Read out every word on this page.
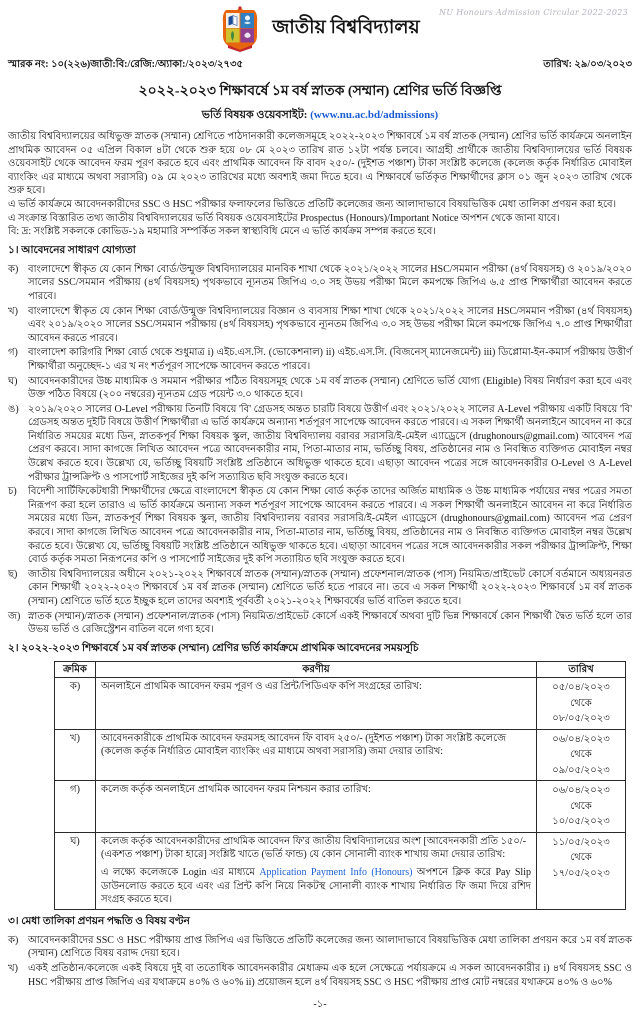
NU Honours Admission Circular 2022-2023
জাতীয় বিশ্ববিদ্যালয়
স্মারক নং: ১০(২২৬)জাতী:বি:/রেজি:/অ্যাকা:/২০২৩/২৭৩৫	তারিখ: ২৯/০৩/২০২৩
২০২২-২০২৩ শিক্ষাবর্ষে ১ম বর্ষ স্নাতক (সম্মান) শ্রেণির ভর্তি বিজ্ঞপ্তি
ভর্তি বিষয়ক ওয়েবসাইট: (www.nu.ac.bd/admissions)

জাতীয় বিশ্ববিদ্যালয়ের অধিভুক্ত স্নাতক (সম্মান) শ্রেণিতে পাঠদানকারী কলেজসমূহে ২০২২-২০২৩ শিক্ষাবর্ষে ১ম বর্ষ স্নাতক (সম্মান) শ্রেণির ভর্তি কার্যক্রমে অনলাইন প্রাথমিক আবেদন ০৫ এপ্রিল বিকাল ৪টা থেকে শুরু হয়ে ০৮ মে ২০২৩ তারিখ রাত ১২টা পর্যন্ত চলবে। আগ্রহী প্রার্থীকে জাতীয় বিশ্ববিদ্যালয়ের ভর্তি বিষয়ক ওয়েবসাইট থেকে আবেদন ফরম পূরণ করতে হবে এবং প্রাথমিক আবেদন ফি বাবদ ২৫০/- (দুইশত পঞ্চাশ) টাকা সংশ্লিষ্ট কলেজে (কলেজ কর্তৃক নির্ধারিত মোবাইল ব্যাংকিং এর মাধ্যমে অথবা সরাসরি) ০৯ মে ২০২৩ তারিখের মধ্যে অবশ্যই জমা দিতে হবে। এ শিক্ষাবর্ষে ভর্তিকৃত শিক্ষার্থীদের ক্লাস ০১ জুন ২০২৩ তারিখ থেকে শুরু হবে।

এ ভর্তি কার্যক্রমে আবেদনকারীদের SSC ও HSC পরীক্ষার ফলাফলের ভিত্তিতে প্রতিটি কলেজের জন্য আলাদাভাবে বিষয়ভিত্তিক মেধা তালিকা প্রণয়ন করা হবে।

এ সংক্রান্ত বিস্তারিত তথ্য জাতীয় বিশ্ববিদ্যালয়ের ভর্তি বিষয়ক ওয়েবসাইটের Prospectus (Honours)/Important Notice অপশন থেকে জানা যাবে।

বি: দ্র: সংশ্লিষ্ট সকলকে কোভিড-১৯ মহামারি সম্পর্কিত সকল স্বাস্থ্যবিধি মেনে এ ভর্তি কার্যক্রম সম্পন্ন করতে হবে।

১। আবেদনের সাধারণ যোগ্যতা
ক) বাংলাদেশে স্বীকৃত যে কোন শিক্ষা বোর্ড/উন্মুক্ত বিশ্ববিদ্যালয়ের মানবিক শাখা থেকে ২০২১/২০২২ সালের HSC/সমমান পরীক্ষা (৪র্থ বিষয়সহ) ও ২০১৯/২০২০ সালের SSC/সমমান পরীক্ষায় (৪র্থ বিষয়সহ) পৃথকভাবে ন্যূনতম জিপিএ ৩.০ সহ উভয় পরীক্ষা মিলে কমপক্ষে জিপিএ ৬.৫ প্রাপ্ত শিক্ষার্থীরা আবেদন করতে পারবে।
খ)	বাংলাদেশে স্বীকৃত যে কোন শিক্ষা বোর্ড/উন্মুক্ত বিশ্ববিদ্যালয়ের বিজ্ঞান ও ব্যবসায় শিক্ষা শাখা থেকে ২০২১/২০২২ সালের HSC/সমমান পরীক্ষা (৪র্থ বিষয়সহ) এবং ২০১৯/২০২০ সালের SSC/সমমান পরীক্ষায় (৪র্থ বিষয়সহ) পৃথকভাবে ন্যূনতম জিপিএ ৩.০ সহ উভয় পরীক্ষা মিলে কমপক্ষে জিপিএ ৭.০ প্রাপ্ত শিক্ষার্থীরা আবেদন করতে পারবে।
গ)	বাংলাদেশ কারিগরি শিক্ষা বোর্ড থেকে শুধুমাত্র i) এইচ.এস.সি. (ভোকেশনাল) ii) এইচ.এস.সি. (বিজনেস্ ম্যানেজমেন্ট) iii) ডিপ্লোমা-ইন-কমার্স পরীক্ষায় উত্তীর্ণ শিক্ষার্থীরা অনুচ্ছেদ-১ এর খ নং শর্তপূরণ সাপেক্ষে আবেদন করতে পারবে।
ঘ)	আবেদনকারীদের উচ্চ মাধ্যমিক ও সমমান পরীক্ষার পঠিত বিষয়সমূহ থেকে ১ম বর্ষ স্নাতক (সম্মান) শ্রেণিতে ভর্তি যোগ্য (Eligible) বিষয় নির্ধারণ করা হবে এবং উক্ত পঠিত বিষয়ে (২০০ নম্বরের) ন্যূনতম গ্রেড পয়েন্ট ৩.০ থাকতে হবে।
ঙ) ২০১৯/২০২০ সালের O-Level পরীক্ষায় তিনটি বিষয়ে 'বি' গ্রেডসহ অন্তত চারটি বিষয়ে উত্তীর্ণ এবং ২০২১/২০২২ সালের A-Level পরীক্ষায় একটি বিষয়ে 'বি' গ্রেডসহ অন্তত দুইটি বিষয়ে উত্তীর্ণ শিক্ষার্থীরা এ ভর্তি কার্যক্রমে অন্যান্য শর্তপূরণ সাপেক্ষে আবেদন করতে পারবে। এ সকল শিক্ষার্থী অনলাইনে আবেদন না করে নির্ধারিত সময়ের মধ্যে ডিন, স্নাতকপূর্ব শিক্ষা বিষয়ক স্কুল, জাতীয় বিশ্ববিদ্যালয় বরাবর সরাসরি/ই-মেইল এ্যাড্রেসে (drughonours@gmail.com) আবেদন পত্র প্রেরণ করবে। সাদা কাগজে লিখিত আবেদন পত্রে আবেদনকারীর নাম, পিতা-মাতার নাম, ভর্তিচ্ছু বিষয়, প্রতিষ্ঠানের নাম ও নিবন্ধিত ব্যক্তিগত মোবাইল নম্বর উল্লেখ করতে হবে। উল্লেখ্য যে, ভর্তিচ্ছু বিষয়টি সংশ্লিষ্ট প্রতিষ্ঠানে অধিভুক্ত থাকতে হবে। এছাড়া আবেদন পত্রের সঙ্গে আবেদনকারীর O-Level ও A-Level পরীক্ষার ট্রান্সক্রিপ্ট ও পাসপোর্ট সাইজের দুই কপি সত্যায়িত ছবি সংযুক্ত করতে হবে।
চ)	বিদেশী সার্টিফিকেটধারী শিক্ষার্থীদের ক্ষেত্রে বাংলাদেশে স্বীকৃত যে কোন শিক্ষা বোর্ড কর্তৃক তাদের অর্জিত মাধ্যমিক ও উচ্চ মাধ্যমিক পর্যায়ের নম্বর পত্রের সমতা নিরূপণ করা হলে তারাও এ ভর্তি কার্যক্রমে অন্যান্য সকল শর্তপূরণ সাপেক্ষে আবেদন করতে পারবে। এ সকল শিক্ষার্থী অনলাইনে আবেদন না করে নির্ধারিত সময়ের মধ্যে ডিন, স্নাতকপূর্ব শিক্ষা বিষয়ক স্কুল, জাতীয় বিশ্ববিদ্যালয় বরাবর সরাসরি/ই-মেইল এ্যাড্রেসে (drughonours@gmail.com) আবেদন পত্র প্রেরণ করবে। সাদা কাগজে লিখিত আবেদন পত্রে আবেদনকারীর নাম, পিতা-মাতার নাম, ভর্তিচ্ছু বিষয়, প্রতিষ্ঠানের নাম ও নিবন্ধিত ব্যক্তিগত মোবাইল নম্বর উল্লেখ করতে হবে। উল্লেখ্য যে, ভর্তিচ্ছু বিষয়টি সংশ্লিষ্ট প্রতিষ্ঠানে অধিভুক্ত থাকতে হবে। এছাড়া আবেদন পত্রের সঙ্গে আবেদনকারীর সকল পরীক্ষার ট্রান্সক্রিপ্ট, শিক্ষা বোর্ড কর্তৃক সমতা নিরূপনের কপি ও পাসপোর্ট সাইজের দুই কপি সত্যায়িত ছবি সংযুক্ত করতে হবে।
ছ)	জাতীয় বিশ্ববিদ্যালয়ের অধীনে ২০২১-২০২২ শিক্ষাবর্ষে স্নাতক (সম্মান)/স্নাতক (সম্মান) প্রফেশনাল/স্নাতক (পাস) নিয়মিত/প্রাইভেট কোর্সে বর্তমানে অধ্যয়নরত কোন শিক্ষার্থী ২০২২-২০২৩ শিক্ষাবর্ষে ১ম বর্ষ স্নাতক (সম্মান) শ্রেণিতে ভর্তি হতে পারবে না। তবে এ সকল শিক্ষার্থী ২০২২-২০২৩ শিক্ষাবর্ষে ১ম বর্ষ স্নাতক (সম্মান) শ্রেণিতে ভর্তি হতে ইচ্ছুক হলে তাদের অবশ্যই পূর্ববর্তী ২০২১-২০২২ শিক্ষাবর্ষের ভর্তি বাতিল করতে হবে।
জ) স্নাতক (সম্মান)/স্নাতক (সম্মান) প্রফেশনাল/স্নাতক (পাস) নিয়মিত/প্রাইভেট কোর্সে একই শিক্ষাবর্ষে অথবা দুটি ভিন্ন শিক্ষাবর্ষে কোন শিক্ষার্থী দ্বৈত ভর্তি হলে তার উভয় ভর্তি ও রেজিস্ট্রেশন বাতিল বলে গণ্য হবে।
২। ২০২২-২০২৩ শিক্ষাবর্ষে ১ম বর্ষ স্নাতক (সম্মান) শ্রেণির ভর্তি কার্যক্রমে প্রাথমিক আবেদনের সময়সূচি
ক্রমিক	করণীয়	তারিখ
ক)	অনলাইনে প্রাথমিক আবেদন ফরম পূরণ ও এর প্রিন্ট/পিডিএফ কপি সংগ্রহের তারিখ:	০৫/০৪/২০২৩
থেকে
০৮/০৫/২০২৩

খ)	আবেদনকারীকে প্রাথমিক আবেদন ফরমসহ আবেদন ফি বাবদ ২৫০/- (দুইশত পঞ্চাশ) টাকা সংশ্লিষ্ট কলেজে (কলেজ কর্তৃক নির্ধারিত মোবাইল ব্যাংকিং এর মাধ্যমে অথবা সরাসরি) জমা দেয়ার তারিখ:	০৬/০৪/২০২৩
থেকে
০৯/০৫/২০২৩

গ)	কলেজ কর্তৃক অনলাইনে প্রাথমিক আবেদন ফরম নিশ্চয়ন করার তারিখ:	০৬/০৪/২০২৩
থেকে
১০/০৫/২০২৩

ঘ)	কলেজ কর্তৃক আবেদনকারীদের প্রাথমিক আবেদন ফি'র জাতীয় বিশ্ববিদ্যালয়ের অংশ [আবেদনকারী প্রতি ১৫০/- (একশত পঞ্চাশ) টাকা হারে] সংশ্লিষ্ট খাতে (ভর্তি ফান্ড) যে কোন সোনালী ব্যাংক শাখায় জমা দেয়ার তারিখ:
এ লক্ষ্যে কলেজকে Login এর মাধ্যমে Application Payment Info (Honours) অপশনে ক্লিক করে Pay Slip ডাউনলোড করতে হবে এবং এর প্রিন্ট কপি নিয়ে নিকটস্থ সোনালী ব্যাংক শাখায় নির্ধারিত ফি জমা দিয়ে রশিদ সংগ্রহ করতে হবে।

১১/০৫/২০২৩
থেকে
১৭/০৫/২০২৩
৩। মেধা তালিকা প্রণয়ন পদ্ধতি ও বিষয় বণ্টন
ক) আবেদনকারীদের SSC ও HSC পরীক্ষায় প্রাপ্ত জিপিএ এর ভিত্তিতে প্রতিটি কলেজের জন্য আলাদাভাবে বিষয়ভিত্তিক মেধা তালিকা প্রণয়ন করে ১ম বর্ষ স্নাতক (সম্মান) শ্রেণিতে বিষয় বরাদ্দ দেয়া হবে।
খ)	একই প্রতিষ্ঠান/কলেজে একই বিষয়ে দুই বা ততোধিক আবেদনকারীর মেধাক্রম এক হলে সেক্ষেত্রে পর্যায়ক্রমে এ সকল আবেদনকারীর i) ৪র্থ বিষয়সহ SSC ও HSC পরীক্ষায় প্রাপ্ত জিপিএ এর যথাক্রমে ৪০% ও ৬০% ii) প্রয়োজন হলে ৪র্থ বিষয়সহ SSC ও HSC পরীক্ষায় প্রাপ্ত মোট নম্বরের যথাক্রমে ৪০% ও ৬০%
-১-
